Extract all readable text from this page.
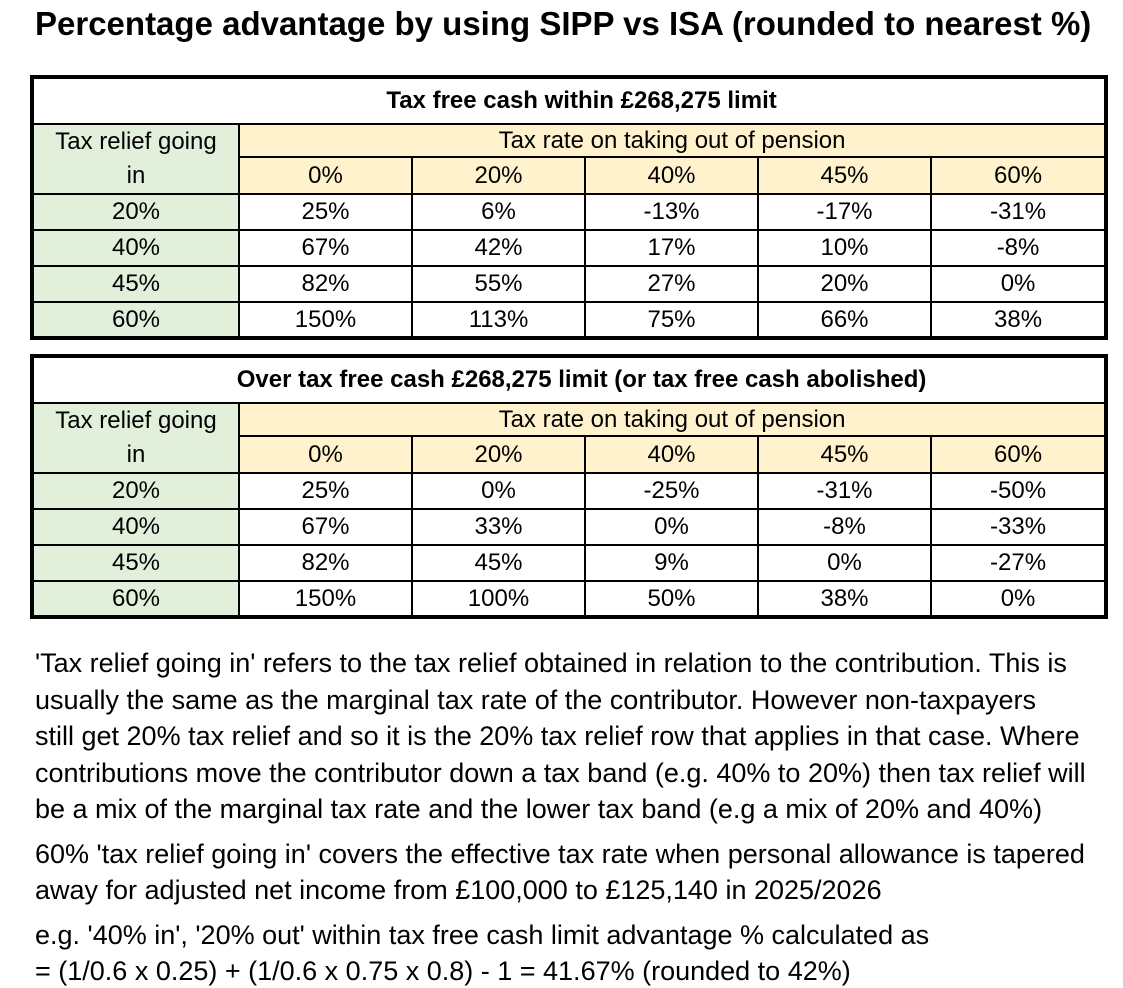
Percentage advantage by using SIPP vs ISA (rounded to nearest %)
Tax free cash within £268,275 limit					
Tax relief going in	Tax rate on taking out of pension				
	0%	20%	40%	45%	60%
20%	25%	6%	-13%	-17%	-31%
40%	67%	42%	17%	10%	-8%
45%	82%	55%	27%	20%	0%
60%	150%	113%	75%	66%	38%
Over tax free cash £268,275 limit (or tax free cash abolished)					
Tax relief going in	Tax rate on taking out of pension				
	0%	20%	40%	45%	60%
20%	25%	0%	-25%	-31%	-50%
40%	67%	33%	0%	-8%	-33%
45%	82%	45%	9%	0%	-27%
60%	150%	100%	50%	38%	0%
'Tax relief going in' refers to the tax relief obtained in relation to the contribution. This is
usually the same as the marginal tax rate of the contributor. However non-taxpayers
still get 20% tax relief and so it is the 20% tax relief row that applies in that case. Where
contributions move the contributor down a tax band (e.g. 40% to 20%) then tax relief will
be a mix of the marginal tax rate and the lower tax band (e.g a mix of 20% and 40%)
60% 'tax relief going in' covers the effective tax rate when personal allowance is tapered
away for adjusted net income from £100,000 to £125,140 in 2025/2026
e.g. '40% in', '20% out' within tax free cash limit advantage % calculated as
= (1/0.6 x 0.25) + (1/0.6 x 0.75 x 0.8) - 1 = 41.67% (rounded to 42%)
